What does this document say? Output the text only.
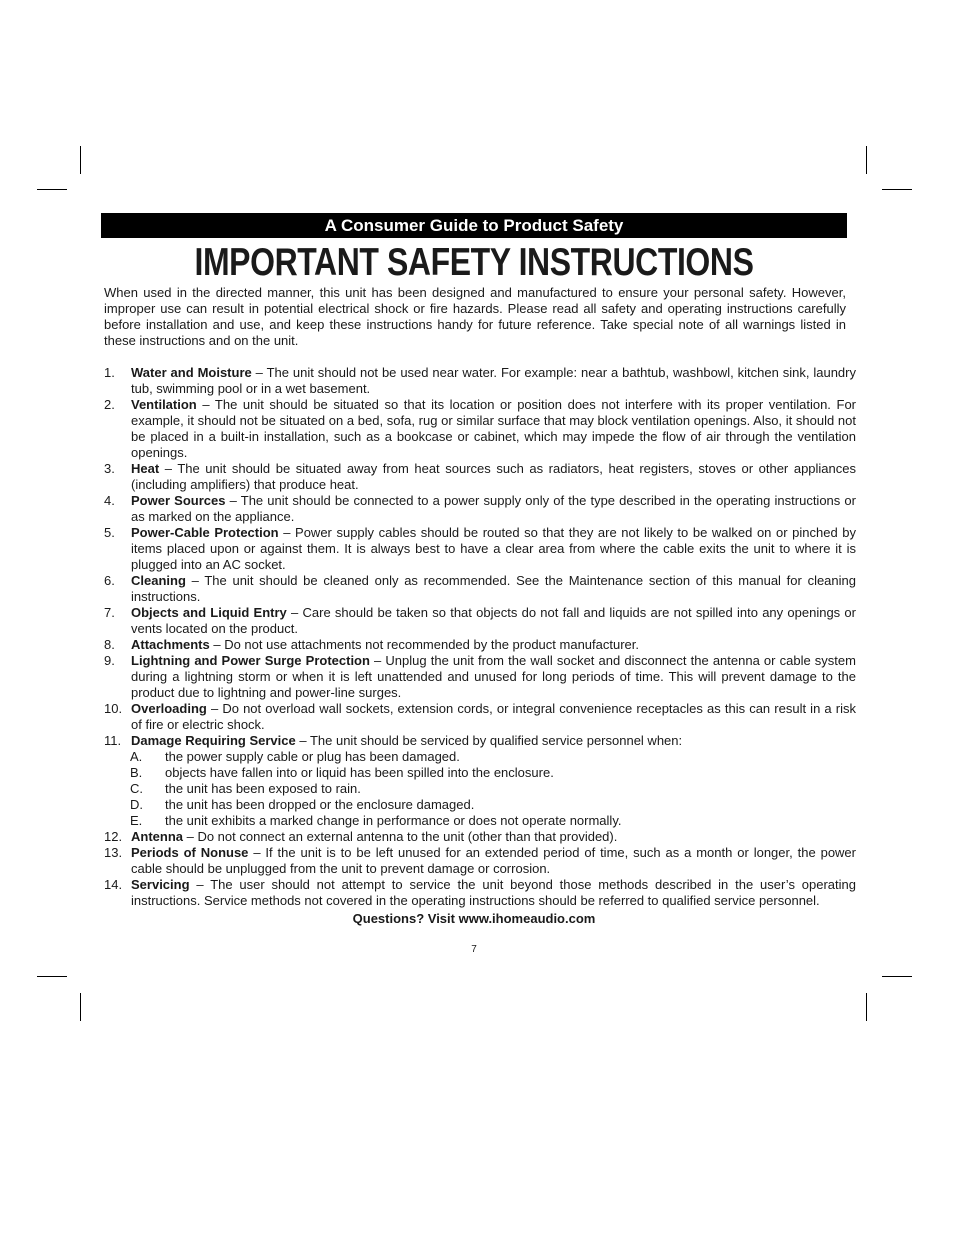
A Consumer Guide to Product Safety
IMPORTANT SAFETY INSTRUCTIONS

When used in the directed manner, this unit has been designed and manufactured to ensure your personal safety. However, improper use can result in potential electrical shock or fire hazards. Please read all safety and operating instructions carefully before installation and use, and keep these instructions handy for future reference. Take special note of all warnings listed in these instructions and on the unit.

1. Water and Moisture – The unit should not be used near water. For example: near a bathtub, washbowl, kitchen sink, laundry tub, swimming pool or in a wet basement.
2. Ventilation – The unit should be situated so that its location or position does not interfere with its proper ventilation. For example, it should not be situated on a bed, sofa, rug or similar surface that may block ventilation openings. Also, it should not be placed in a built-in installation, such as a bookcase or cabinet, which may impede the flow of air through the ventilation openings.
3. Heat – The unit should be situated away from heat sources such as radiators, heat registers, stoves or other appliances (including amplifiers) that produce heat.
4. Power Sources – The unit should be connected to a power supply only of the type described in the operating instructions or as marked on the appliance.
5. Power-Cable Protection – Power supply cables should be routed so that they are not likely to be walked on or pinched by items placed upon or against them. It is always best to have a clear area from where the cable exits the unit to where it is plugged into an AC socket.
6. Cleaning – The unit should be cleaned only as recommended. See the Maintenance section of this manual for cleaning instructions.
7. Objects and Liquid Entry – Care should be taken so that objects do not fall and liquids are not spilled into any openings or vents located on the product.
8. Attachments – Do not use attachments not recommended by the product manufacturer.
9. Lightning and Power Surge Protection – Unplug the unit from the wall socket and disconnect the antenna or cable system during a lightning storm or when it is left unattended and unused for long periods of time. This will prevent damage to the product due to lightning and power-line surges.
10. Overloading – Do not overload wall sockets, extension cords, or integral convenience receptacles as this can result in a risk of fire or electric shock.
11. Damage Requiring Service – The unit should be serviced by qualified service personnel when:
A. the power supply cable or plug has been damaged.
B. objects have fallen into or liquid has been spilled into the enclosure.
C. the unit has been exposed to rain.
D. the unit has been dropped or the enclosure damaged.
E. the unit exhibits a marked change in performance or does not operate normally.
12. Antenna – Do not connect an external antenna to the unit (other than that provided).
13. Periods of Nonuse – If the unit is to be left unused for an extended period of time, such as a month or longer, the power cable should be unplugged from the unit to prevent damage or corrosion.
14. Servicing – The user should not attempt to service the unit beyond those methods described in the user’s operating instructions. Service methods not covered in the operating instructions should be referred to qualified service personnel.
Questions? Visit www.ihomeaudio.com
7
